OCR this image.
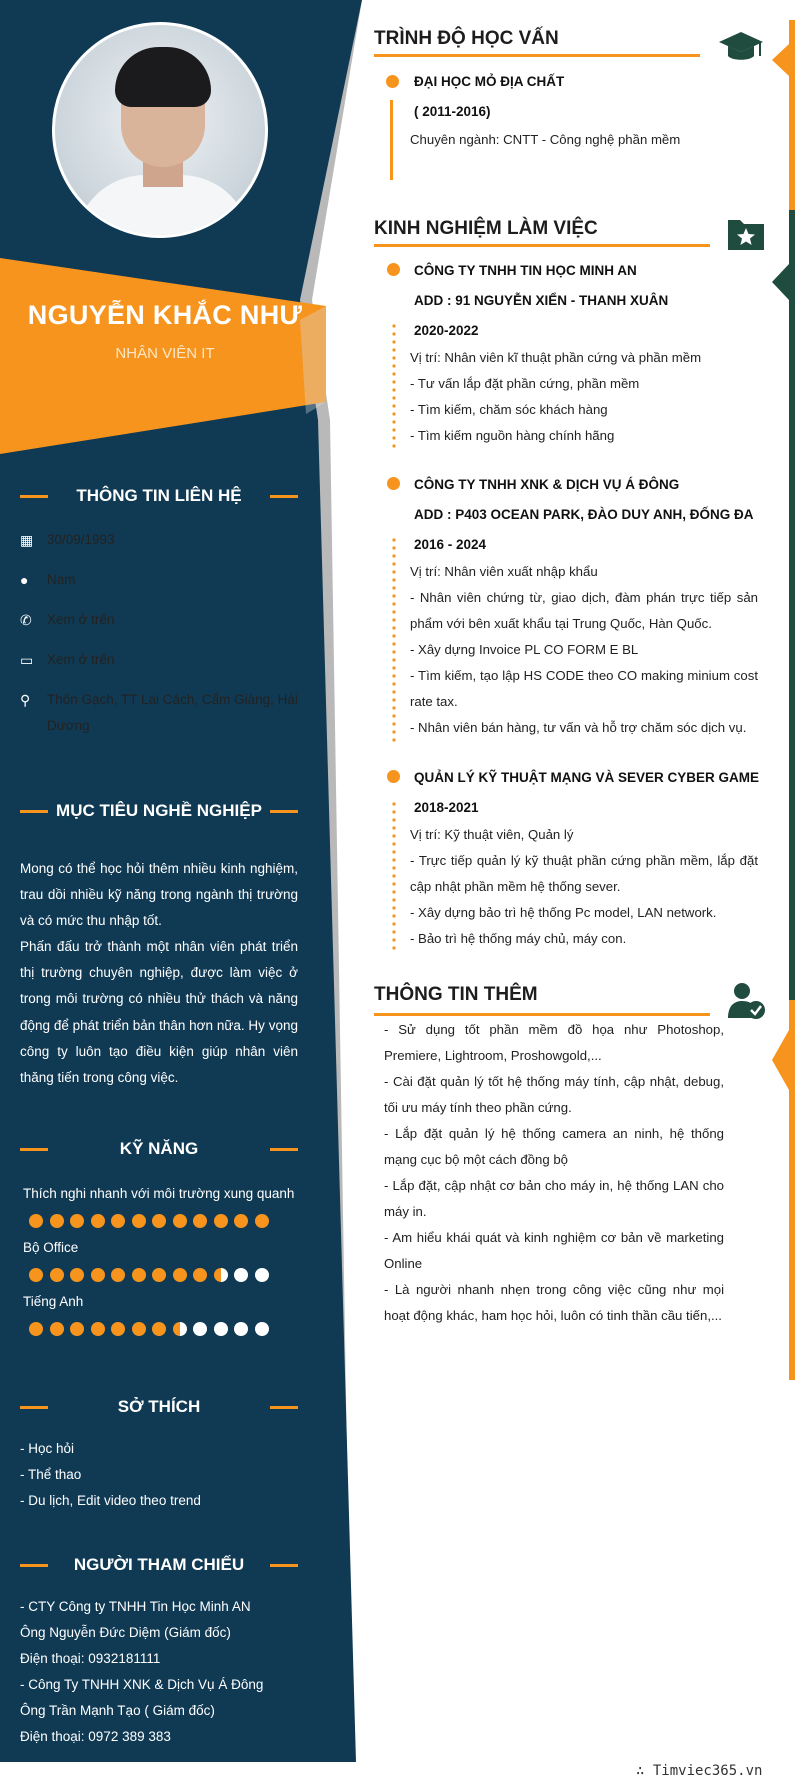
NGUYỄN KHẮC NHƯ
NHÂN VIÊN IT
THÔNG TIN LIÊN HỆ
▦	30/09/1993
●	Nam
✆	Xem ở trên
▭	Xem ở trên
⚲	Thôn Gạch, TT Lai Cách, Cẩm Giàng, Hải Dương
MỤC TIÊU NGHỀ NGHIỆP
Mong có thể học hỏi thêm nhiều kinh nghiệm, trau dồi nhiều kỹ năng trong ngành thị trường và có mức thu nhập tốt.
Phấn đấu trở thành một nhân viên phát triển thị trường chuyên nghiệp, được làm việc ở trong môi trường có nhiều thử thách và năng động để phát triển bản thân hơn nữa. Hy vọng công ty luôn tạo điều kiện giúp nhân viên thăng tiến trong công việc.
KỸ NĂNG
Thích nghi nhanh với môi trường xung quanh
Bộ Office
Tiếng Anh
SỞ THÍCH
- Học hỏi
- Thể thao
- Du lịch, Edit video theo trend
NGƯỜI THAM CHIẾU
- CTY Công ty TNHH Tin Học Minh AN
Ông Nguyễn Đức Diệm (Giám đốc)
Điện thoại: 0932181111
- Công Ty TNHH XNK & Dịch Vụ Á Đông
Ông Trần Mạnh Tạo ( Giám đốc)
Điện thoại: 0972 389 383
TRÌNH ĐỘ HỌC VẤN
ĐẠI HỌC MỎ ĐỊA CHẤT
( 2011-2016)
Chuyên ngành: CNTT - Công nghệ phần mềm
KINH NGHIỆM LÀM VIỆC
CÔNG TY TNHH TIN HỌC MINH AN
ADD : 91 NGUYỄN XIỂN - THANH XUÂN
2020-2022
Vị trí: Nhân viên kĩ thuật phần cứng và phần mềm
- Tư vấn lắp đặt phần cứng, phần mềm
- Tìm kiếm, chăm sóc khách hàng
- Tìm kiếm nguồn hàng chính hãng
CÔNG TY TNHH XNK & DỊCH VỤ Á ĐÔNG
ADD : P403 OCEAN PARK, ĐÀO DUY ANH, ĐỐNG ĐA
2016 - 2024
Vị trí: Nhân viên xuất nhập khẩu
- Nhân viên chứng từ, giao dịch, đàm phán trực tiếp sản phẩm với bên xuất khẩu tại Trung Quốc, Hàn Quốc.
- Xây dựng Invoice PL CO FORM E BL
- Tìm kiếm, tạo lập HS CODE theo CO making minium cost rate tax.
- Nhân viên bán hàng, tư vấn và hỗ trợ chăm sóc dịch vụ.
QUẢN LÝ KỸ THUẬT MẠNG VÀ SEVER CYBER GAME
2018-2021
Vị trí: Kỹ thuật viên, Quản lý
- Trực tiếp quản lý kỹ thuật phần cứng phần mềm, lắp đặt cập nhật phần mềm hệ thống sever.
- Xây dựng bảo trì hệ thống Pc model, LAN network.
- Bảo trì hệ thống máy chủ, máy con.
THÔNG TIN THÊM
- Sử dụng tốt phần mềm đồ họa như Photoshop, Premiere, Lightroom, Proshowgold,...
- Cài đặt quản lý tốt hệ thống máy tính, cập nhật, debug, tối ưu máy tính theo phần cứng.
- Lắp đặt quản lý hệ thống camera an ninh, hệ thống mạng cục bộ một cách đồng bộ
- Lắp đặt, cập nhật cơ bản cho máy in, hệ thống LAN cho máy in.
- Am hiểu khái quát và kinh nghiệm cơ bản về marketing Online
- Là người nhanh nhẹn trong công việc cũng như mọi hoạt động khác, ham học hỏi, luôn có tinh thần cầu tiến,...
∴ Timviec365.vn
